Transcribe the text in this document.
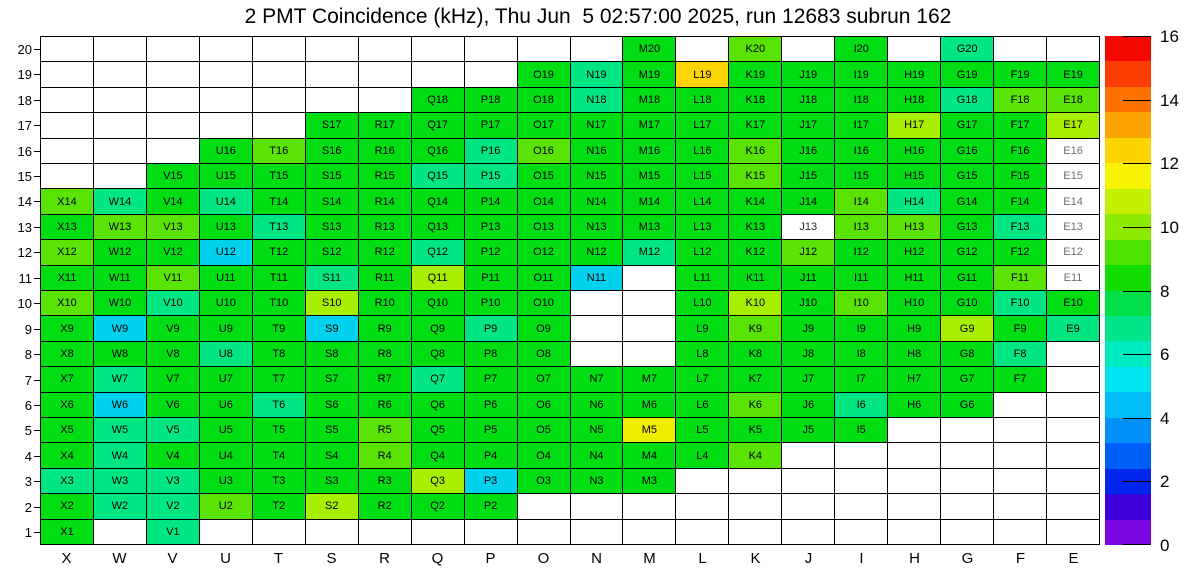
2 PMT Coincidence (kHz), Thu Jun  5 02:57:00 2025, run 12683 subrun 162
M20	K20	I20	G20
O19	N19	M19	L19	K19	J19	I19	H19	G19	F19	E19
Q18	P18	O18	N18	M18	L18	K18	J18	I18	H18	G18	F18	E18
S17	R17	Q17	P17	O17	N17	M17	L17	K17	J17	I17	H17	G17	F17	E17
U16	T16	S16	R16	Q16	P16	O16	N16	M16	L16	K16	J16	I16	H16	G16	F16	E16
V15	U15	T15	S15	R15	Q15	P15	O15	N15	M15	L15	K15	J15	I15	H15	G15	F15	E15
X14	W14	V14	U14	T14	S14	R14	Q14	P14	O14	N14	M14	L14	K14	J14	I14	H14	G14	F14	E14
X13	W13	V13	U13	T13	S13	R13	Q13	P13	O13	N13	M13	L13	K13	J13	I13	H13	G13	F13	E13
X12	W12	V12	U12	T12	S12	R12	Q12	P12	O12	N12	M12	L12	K12	J12	I12	H12	G12	F12	E12
X11	W11	V11	U11	T11	S11	R11	Q11	P11	O11	N11	L11	K11	J11	I11	H11	G11	F11	E11
X10	W10	V10	U10	T10	S10	R10	Q10	P10	O10	L10	K10	J10	I10	H10	G10	F10	E10
X9	W9	V9	U9	T9	S9	R9	Q9	P9	O9	L9	K9	J9	I9	H9	G9	F9	E9
X8	W8	V8	U8	T8	S8	R8	Q8	P8	O8	L8	K8	J8	I8	H8	G8	F8
X7	W7	V7	U7	T7	S7	R7	Q7	P7	O7	N7	M7	L7	K7	J7	I7	H7	G7	F7
X6	W6	V6	U6	T6	S6	R6	Q6	P6	O6	N6	M6	L6	K6	J6	I6	H6	G6
X5	W5	V5	U5	T5	S5	R5	Q5	P5	O5	N5	M5	L5	K5	J5	I5
X4	W4	V4	U4	T4	S4	R4	Q4	P4	O4	N4	M4	L4	K4
X3	W3	V3	U3	T3	S3	R3	Q3	P3	O3	N3	M3
X2	W2	V2	U2	T2	S2	R2	Q2	P2
X1	V1
20
19
18
17
16
15
14
13
12
11
10
9
8
7
6
5
4
3
2
1
X	W	V	U	T	S	R	Q	P	O	N	M	L	K	J	I	H	G	F	E
0
2
4
6
8
10
12
14
16
